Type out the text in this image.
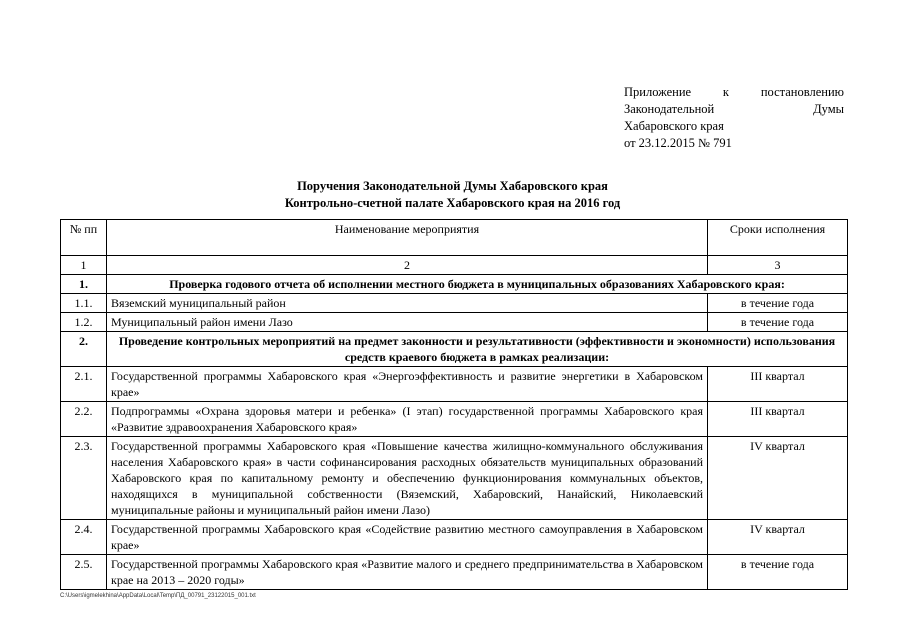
Приложение	к	постановлению
Законодательной	Думы
Хабаровского края
от 23.12.2015 № 791
Поручения Законодательной Думы Хабаровского края
Контрольно-счетной палате Хабаровского края на 2016 год
№ пп	Наименование мероприятия	Сроки исполнения
1	2	3
1.	Проверка годового отчета об исполнении местного бюджета в муниципальных образованиях Хабаровского края:	
1.1.	Вяземский муниципальный район	в течение года
1.2.	Муниципальный район имени Лазо	в течение года
2.	Проведение контрольных мероприятий на предмет законности и результативности (эффективности и экономности) использования средств краевого бюджета в рамках реализации:	
2.1.	Государственной программы Хабаровского края «Энергоэффективность и развитие энергетики в Хабаровском крае»	III квартал
2.2.	Подпрограммы «Охрана здоровья матери и ребенка» (I этап) государственной программы Хабаровского края «Развитие здравоохранения Хабаровского края»	III квартал
2.3.	Государственной программы Хабаровского края «Повышение качества жилищно-коммунального обслуживания населения Хабаровского края» в части софинансирования расходных обязательств муниципальных образований Хабаровского края по капитальному ремонту и обеспечению функционирования коммунальных объектов, находящихся в муниципальной собственности (Вяземский, Хабаровский, Нанайский, Николаевский муниципальные районы и муниципальный район имени Лазо)	IV квартал
2.4.	Государственной программы Хабаровского края «Содействие развитию местного самоуправления в Хабаровском крае»	IV квартал
2.5.	Государственной программы Хабаровского края «Развитие малого и среднего предпринимательства в Хабаровском крае на 2013 – 2020 годы»	в течение года
C:\Users\igmelekhina\AppData\Local\Temp\ПД_00791_23122015_001.txt
